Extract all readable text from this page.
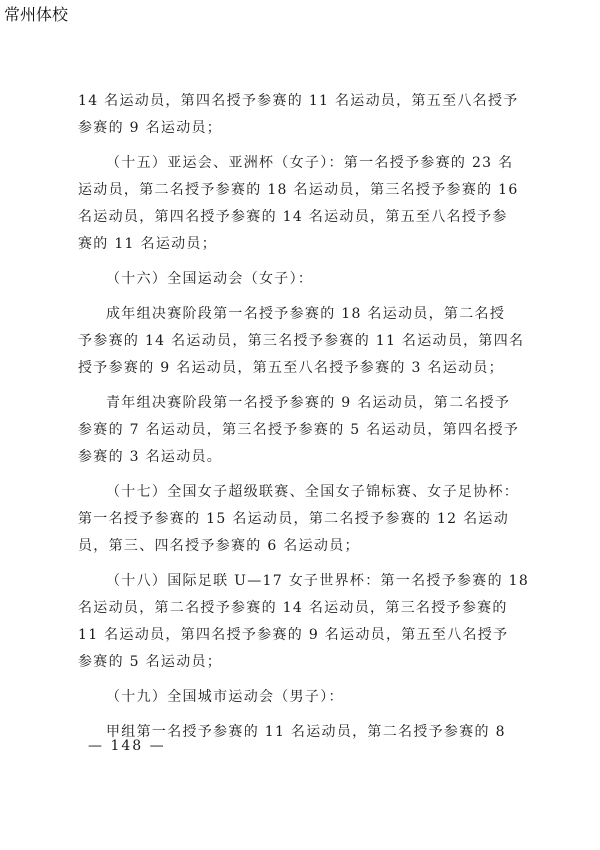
常州体校
14 名运动员，第四名授予参赛的 11 名运动员，第五至八名授予
参赛的 9 名运动员；
（十五）亚运会、亚洲杯（女子）：第一名授予参赛的 23 名
运动员，第二名授予参赛的 18 名运动员，第三名授予参赛的 16
名运动员，第四名授予参赛的 14 名运动员，第五至八名授予参
赛的 11 名运动员；
（十六）全国运动会（女子）：
成年组决赛阶段第一名授予参赛的 18 名运动员，第二名授
予参赛的 14 名运动员，第三名授予参赛的 11 名运动员，第四名
授予参赛的 9 名运动员，第五至八名授予参赛的 3 名运动员；
青年组决赛阶段第一名授予参赛的 9 名运动员，第二名授予
参赛的 7 名运动员，第三名授予参赛的 5 名运动员，第四名授予
参赛的 3 名运动员。
（十七）全国女子超级联赛、全国女子锦标赛、女子足协杯：
第一名授予参赛的 15 名运动员，第二名授予参赛的 12 名运动
员，第三、四名授予参赛的 6 名运动员；
（十八）国际足联 U—17 女子世界杯：第一名授予参赛的 18
名运动员，第二名授予参赛的 14 名运动员，第三名授予参赛的
11 名运动员，第四名授予参赛的 9 名运动员，第五至八名授予
参赛的 5 名运动员；
（十九）全国城市运动会（男子）：
甲组第一名授予参赛的 11 名运动员，第二名授予参赛的 8
— 148 —
